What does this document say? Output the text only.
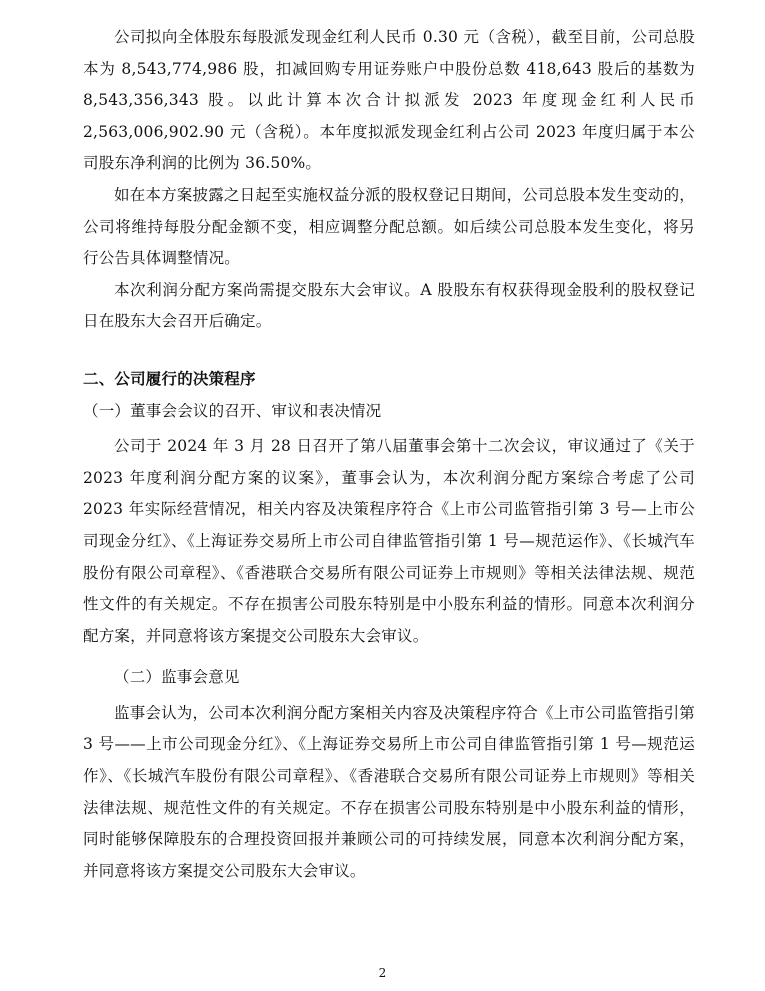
公司拟向全体股东每股派发现金红利人民币 0.30 元（含税），截至目前，公司总股本为 8,543,774,986 股，扣减回购专用证券账户中股份总数 418,643 股后的基数为 8,543,356,343 股。以此计算本次合计拟派发 2023 年度现金红利人民币 2,563,006,902.90 元（含税）。本年度拟派发现金红利占公司 2023 年度归属于本公司股东净利润的比例为 36.50%。

如在本方案披露之日起至实施权益分派的股权登记日期间，公司总股本发生变动的，公司将维持每股分配金额不变，相应调整分配总额。如后续公司总股本发生变化，将另行公告具体调整情况。

本次利润分配方案尚需提交股东大会审议。A 股股东有权获得现金股利的股权登记日在股东大会召开后确定。

二、公司履行的决策程序

（一）董事会会议的召开、审议和表决情况

公司于 2024 年 3 月 28 日召开了第八届董事会第十二次会议，审议通过了《关于 2023 年度利润分配方案的议案》，董事会认为，本次利润分配方案综合考虑了公司 2023 年实际经营情况，相关内容及决策程序符合《上市公司监管指引第 3 号—上市公司现金分红》、《上海证券交易所上市公司自律监管指引第 1 号—规范运作》、《长城汽车股份有限公司章程》、《香港联合交易所有限公司证券上市规则》等相关法律法规、规范性文件的有关规定。不存在损害公司股东特别是中小股东利益的情形。同意本次利润分配方案，并同意将该方案提交公司股东大会审议。

（二）监事会意见

监事会认为，公司本次利润分配方案相关内容及决策程序符合《上市公司监管指引第 3 号——上市公司现金分红》、《上海证券交易所上市公司自律监管指引第 1 号—规范运作》、《长城汽车股份有限公司章程》、《香港联合交易所有限公司证券上市规则》等相关法律法规、规范性文件的有关规定。不存在损害公司股东特别是中小股东利益的情形，同时能够保障股东的合理投资回报并兼顾公司的可持续发展，同意本次利润分配方案，并同意将该方案提交公司股东大会审议。

2
